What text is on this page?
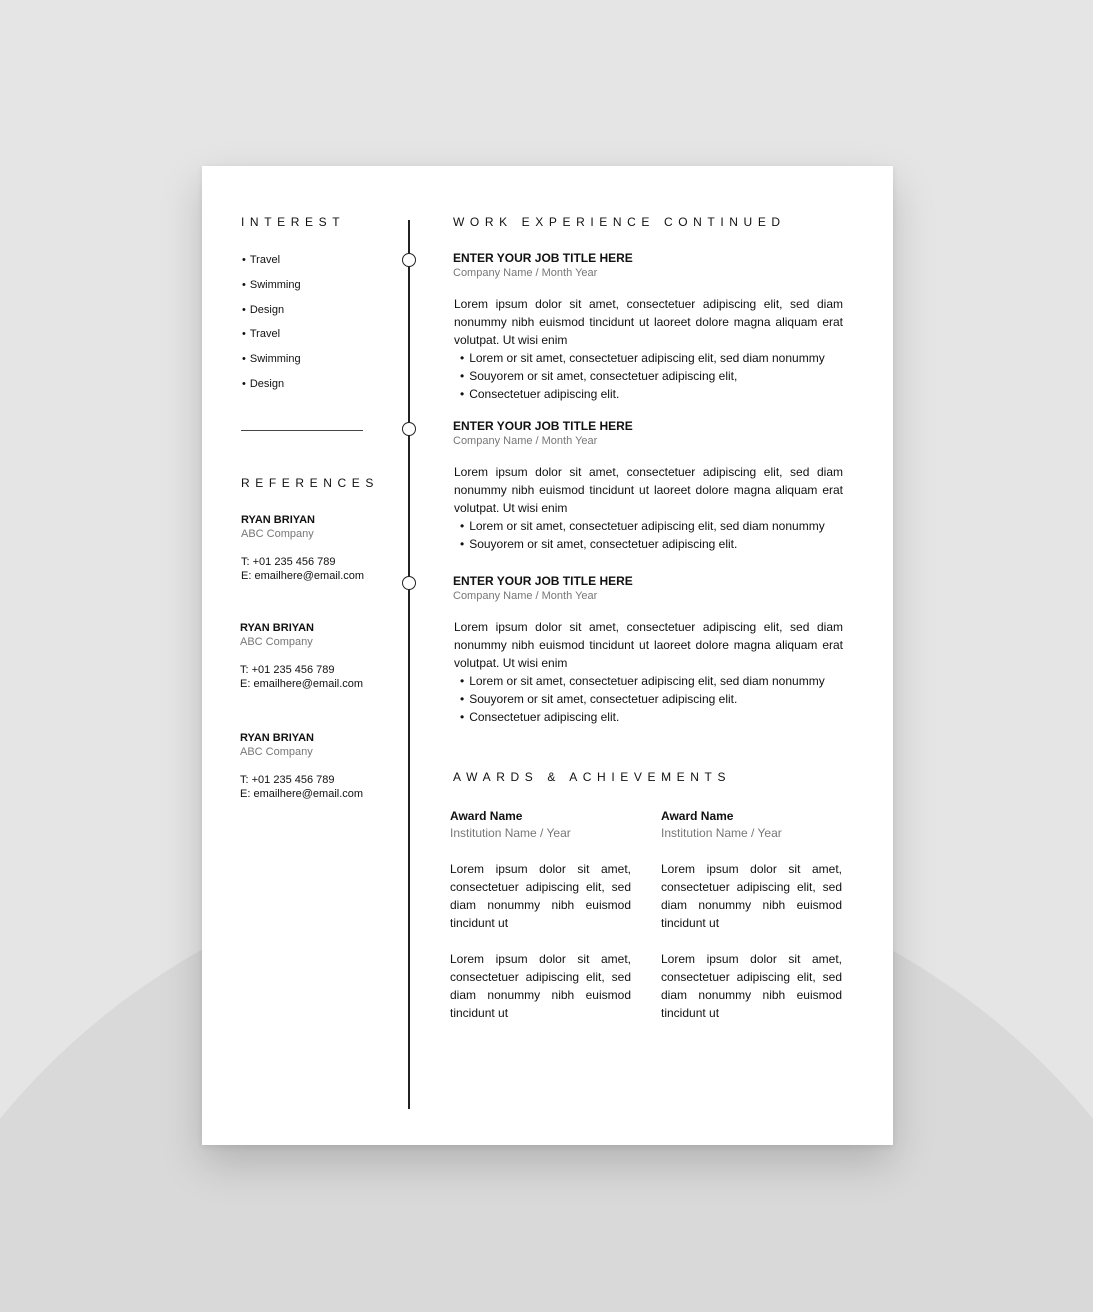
INTEREST
• Travel
• Swimming
• Design
• Travel
• Swimming
• Design
REFERENCES
RYAN BRIYAN
ABC Company
T: +01 235 456 789
E: emailhere@email.com
RYAN BRIYAN
ABC Company
T: +01 235 456 789
E: emailhere@email.com
RYAN BRIYAN
ABC Company
T: +01 235 456 789
E: emailhere@email.com
WORK EXPERIENCE CONTINUED
ENTER YOUR JOB TITLE HERE
Company Name / Month Year
Lorem ipsum dolor sit amet, consectetuer adipiscing elit, sed diam nonummy nibh euismod tincidunt ut laoreet dolore magna aliquam erat volutpat. Ut wisi enim
• Lorem or sit amet, consectetuer adipiscing elit, sed diam nonummy
• Souyorem or sit amet, consectetuer adipiscing elit,
• Consectetuer adipiscing elit.
ENTER YOUR JOB TITLE HERE
Company Name / Month Year
Lorem ipsum dolor sit amet, consectetuer adipiscing elit, sed diam nonummy nibh euismod tincidunt ut laoreet dolore magna aliquam erat volutpat. Ut wisi enim
• Lorem or sit amet, consectetuer adipiscing elit, sed diam nonummy
• Souyorem or sit amet, consectetuer adipiscing elit.
ENTER YOUR JOB TITLE HERE
Company Name / Month Year
Lorem ipsum dolor sit amet, consectetuer adipiscing elit, sed diam nonummy nibh euismod tincidunt ut laoreet dolore magna aliquam erat volutpat. Ut wisi enim
• Lorem or sit amet, consectetuer adipiscing elit, sed diam nonummy
• Souyorem or sit amet, consectetuer adipiscing elit.
• Consectetuer adipiscing elit.
AWARDS & ACHIEVEMENTS
Award Name
Institution Name / Year
Lorem ipsum dolor sit amet, consectetuer adipiscing elit, sed diam nonummy nibh euismod tincidunt ut
Lorem ipsum dolor sit amet, consectetuer adipiscing elit, sed diam nonummy nibh euismod tincidunt ut
Award Name
Institution Name / Year
Lorem ipsum dolor sit amet, consectetuer adipiscing elit, sed diam nonummy nibh euismod tincidunt ut
Lorem ipsum dolor sit amet, consectetuer adipiscing elit, sed diam nonummy nibh euismod tincidunt ut
